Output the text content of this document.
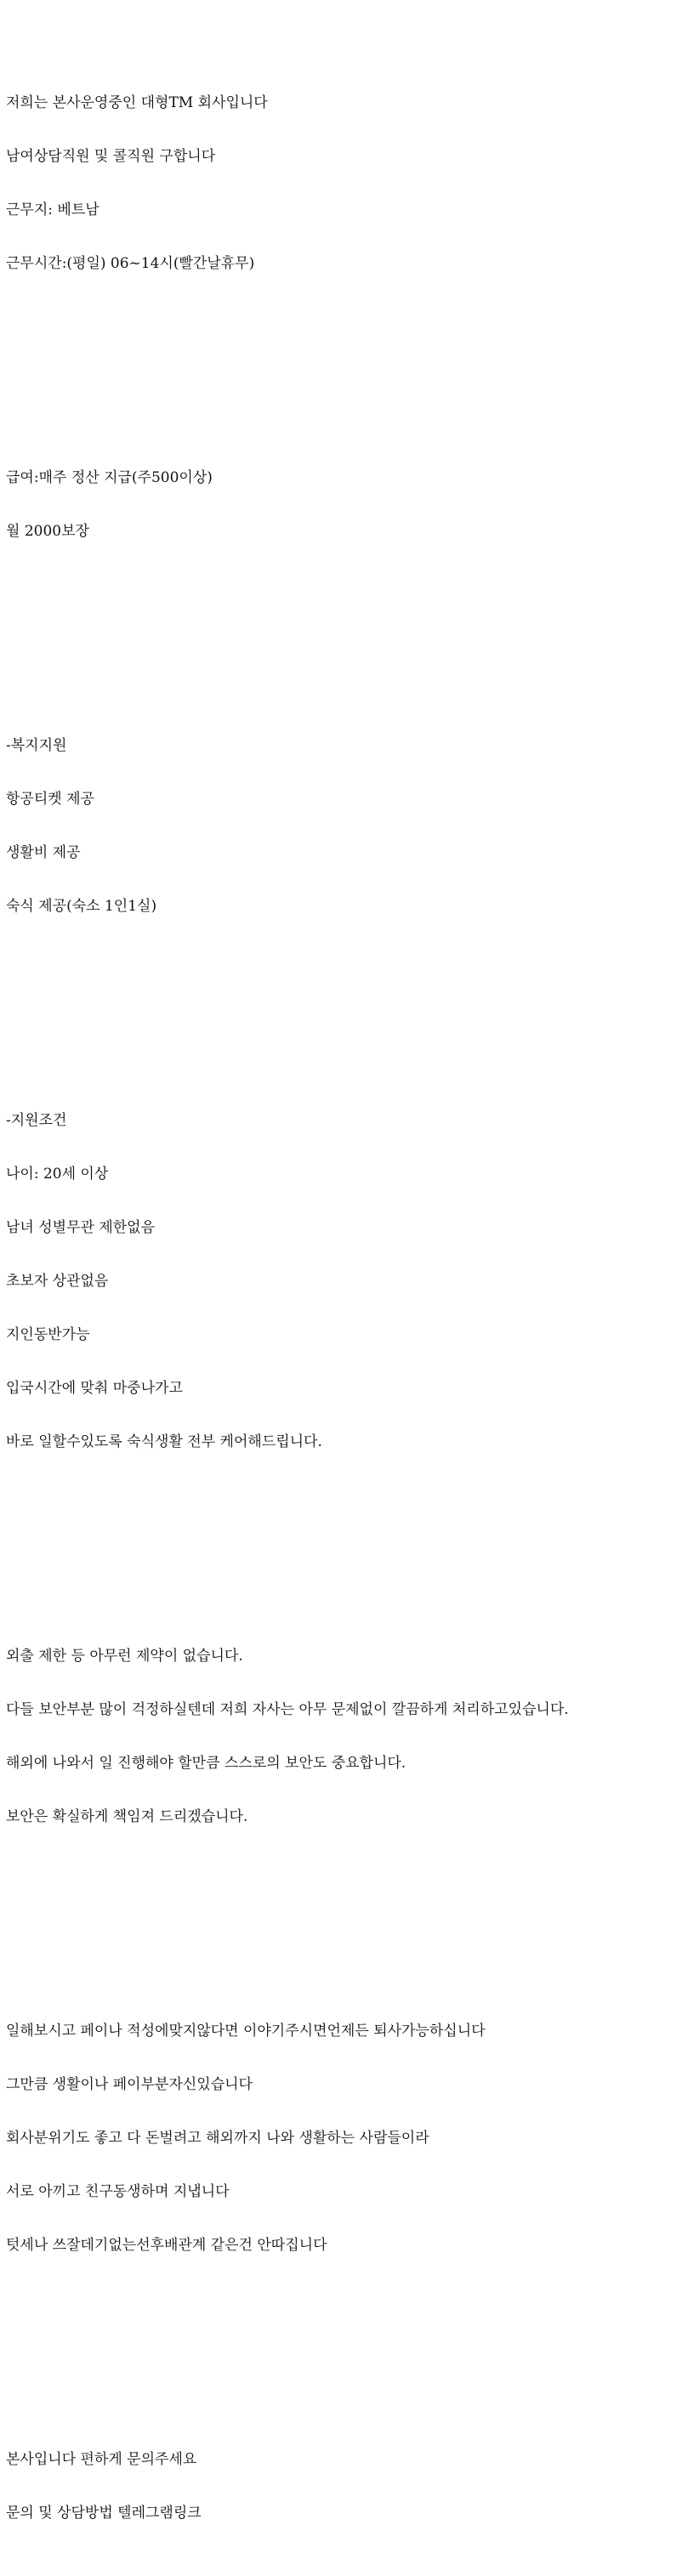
저희는 본사운영중인 대형TM 회사입니다

남여상담직원 및 콜직원 구합니다

근무지: 베트남

근무시간:(평일) 06~14시(빨간날휴무)

급여:매주 정산 지급(주500이상)

월 2000보장

-복지지원

항공티켓 제공

생활비 제공

숙식 제공(숙소 1인1실)

-지원조건

나이: 20세 이상

남녀 성별무관 제한없음

초보자 상관없음

지인동반가능

입국시간에 맞춰 마중나가고

바로 일할수있도록 숙식생활 전부 케어해드립니다.

외출 제한 등 아무런 제약이 없습니다.

다들 보안부분 많이 걱정하실텐데 저희 자사는 아무 문제없이 깔끔하게 처리하고있습니다.

해외에 나와서 일 진행해야 할만큼 스스로의 보안도 중요합니다.

보안은 확실하게 책임져 드리겠습니다.

일해보시고 페이나 적성에맞지않다면 이야기주시면언제든 퇴사가능하십니다

그만큼 생활이나 페이부분자신있습니다

회사분위기도 좋고 다 돈벌려고 해외까지 나와 생활하는 사람들이라

서로 아끼고 친구동생하며 지냅니다

텃세나 쓰잘데기없는선후배관계 같은건 안따집니다

본사입니다 편하게 문의주세요

문의 및 상담방법 텔레그램링크
